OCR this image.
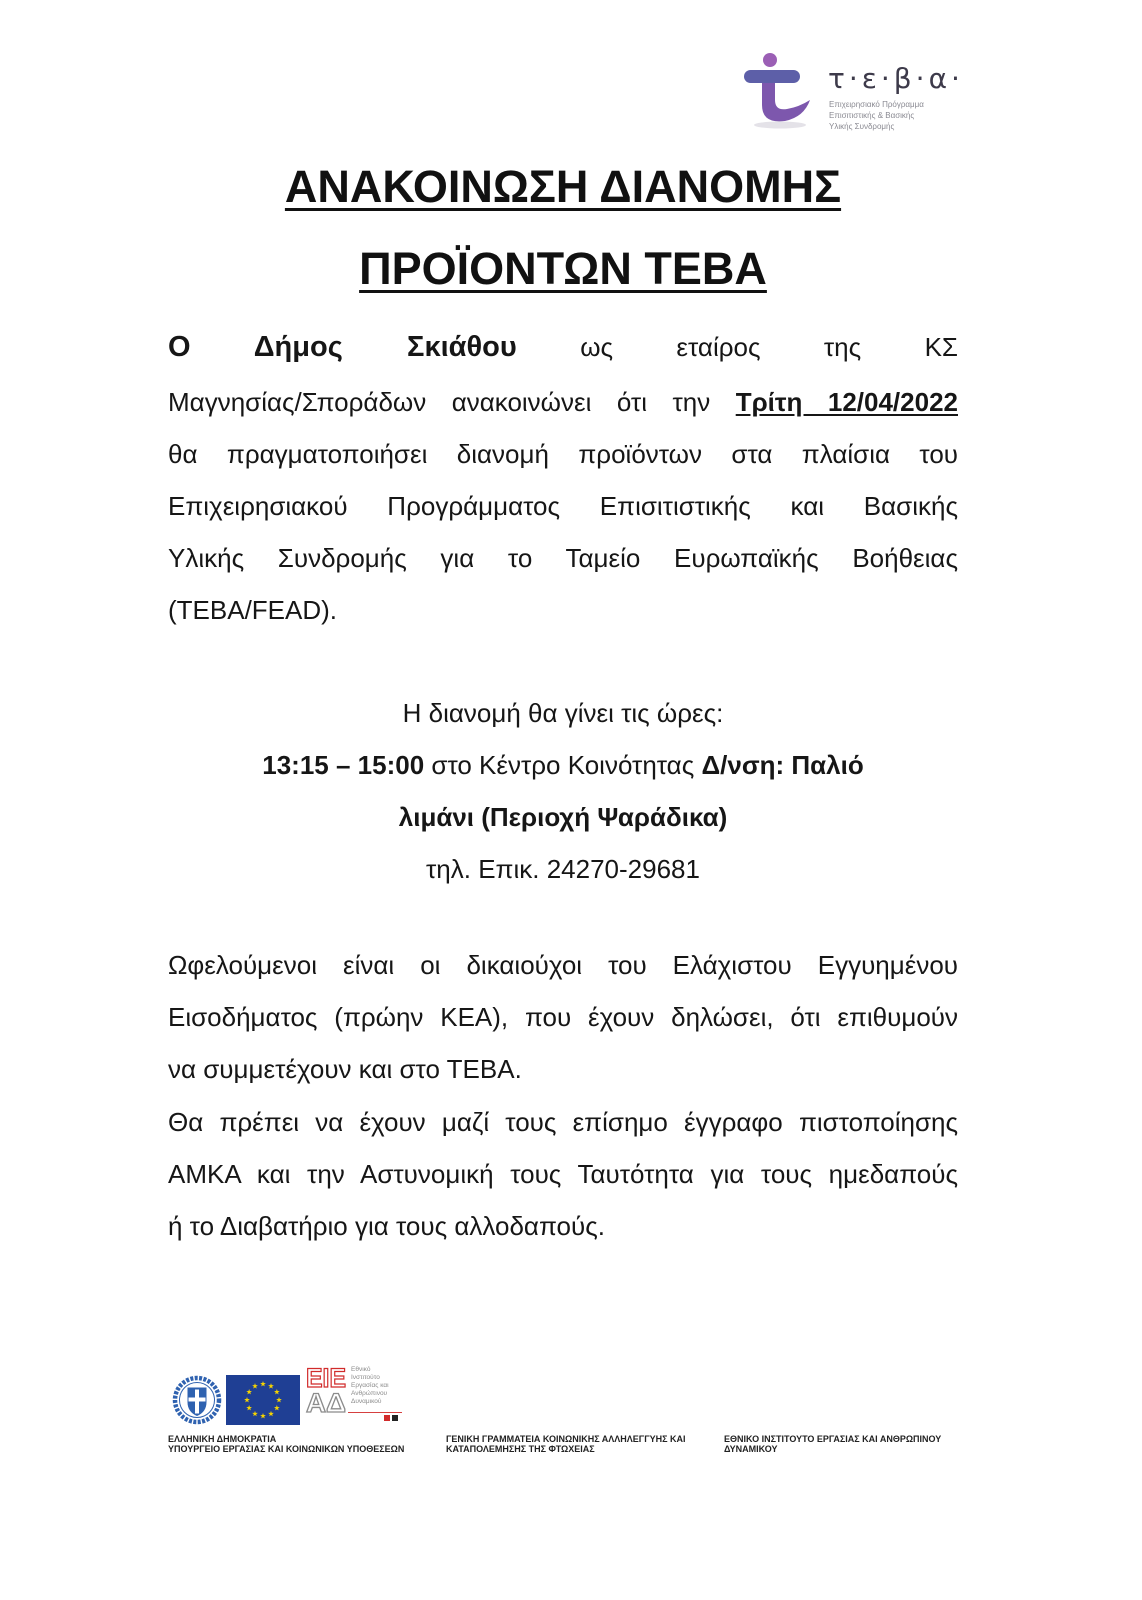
τ·ε·β·α·
Επιχειρησιακό Πρόγραμμα
Επισιτιστικής & Βασικής
Υλικής Συνδρομής
ΑΝΑΚΟΙΝΩΣΗ ΔΙΑΝΟΜΗΣ
ΠΡΟΪΟΝΤΩΝ ΤΕΒΑ
Ο Δήμος Σκιάθου ως εταίρος της ΚΣ
Μαγνησίας/Σποράδων ανακοινώνει ότι την Τρίτη 12/04/2022
θα πραγματοποιήσει διανομή προϊόντων στα πλαίσια του
Επιχειρησιακού Προγράμματος Επισιτιστικής και Βασικής
Υλικής Συνδρομής για το Ταμείο Ευρωπαϊκής Βοήθειας
(ΤΕΒΑ/FEAD).
Η διανομή θα γίνει τις ώρες:
13:15 – 15:00 στο Κέντρο Κοινότητας Δ/νση: Παλιό
λιμάνι (Περιοχή Ψαράδικα)
τηλ. Επικ. 24270-29681
Ωφελούμενοι είναι οι δικαιούχοι του Ελάχιστου Εγγυημένου
Εισοδήματος (πρώην ΚΕΑ), που έχουν δηλώσει, ότι επιθυμούν
να συμμετέχουν και στο ΤΕΒΑ.
Θα πρέπει να έχουν μαζί τους επίσημο έγγραφο πιστοποίησης
ΑΜΚΑ και την Αστυνομική τους Ταυτότητα για τους ημεδαπούς
ή το Διαβατήριο για τους αλλοδαπούς.
ΕΙΕ
ΑΔ
Εθνικό
Ινστιτούτο
Εργασίας και
Ανθρώπινου
Δυναμικού
ΕΛΛΗΝΙΚΗ ΔΗΜΟΚΡΑΤΙΑ
ΥΠΟΥΡΓΕΙΟ ΕΡΓΑΣΙΑΣ ΚΑΙ ΚΟΙΝΩΝΙΚΩΝ ΥΠΟΘΕΣΕΩΝ
ΓΕΝΙΚΗ ΓΡΑΜΜΑΤΕΙΑ ΚΟΙΝΩΝΙΚΗΣ ΑΛΛΗΛΕΓΓΥΗΣ ΚΑΙ
ΚΑΤΑΠΟΛΕΜΗΣΗΣ ΤΗΣ ΦΤΩΧΕΙΑΣ
ΕΘΝΙΚΟ ΙΝΣΤΙΤΟΥΤΟ ΕΡΓΑΣΙΑΣ ΚΑΙ ΑΝΘΡΩΠΙΝΟΥ
ΔΥΝΑΜΙΚΟΥ
